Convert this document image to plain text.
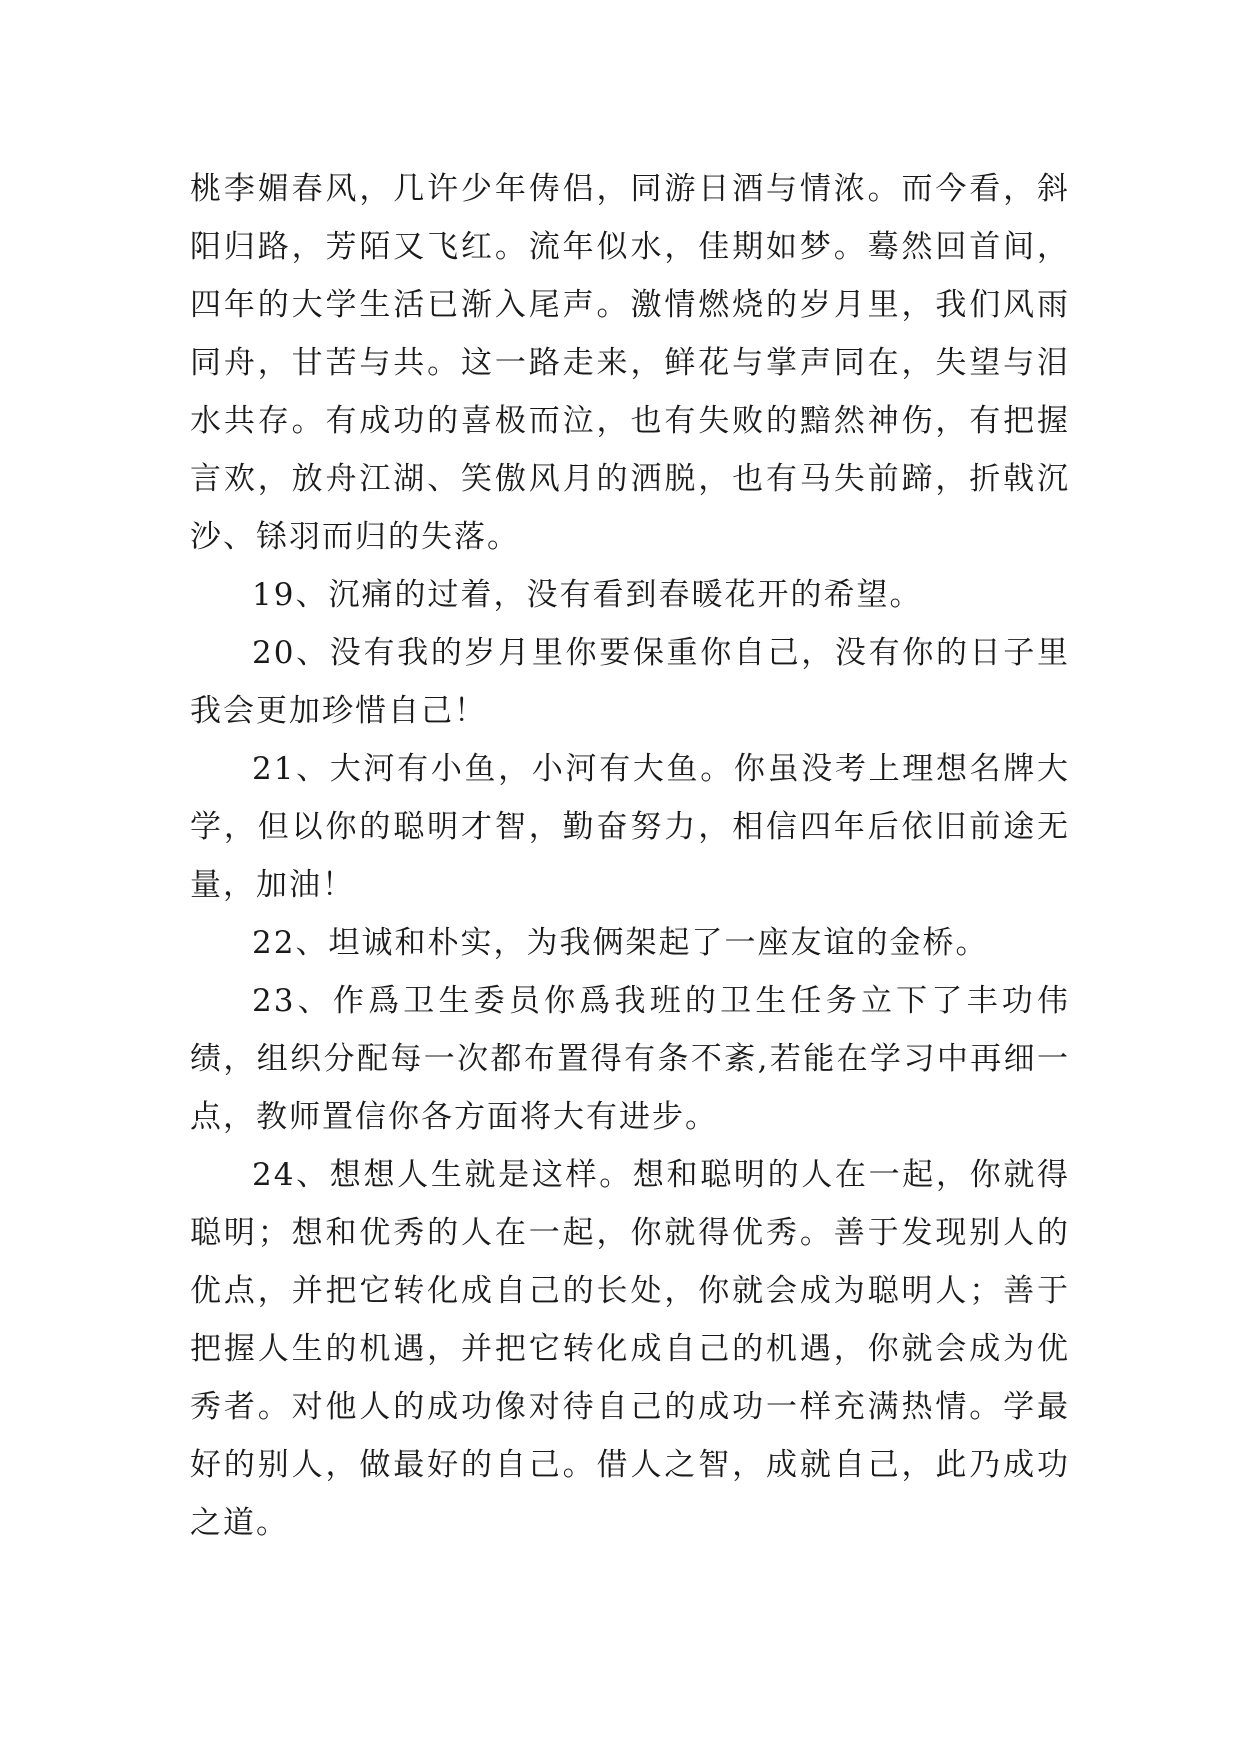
桃李媚春风，几许少年俦侣，同游日酒与情浓。而今看，斜阳归路，芳陌又飞红。流年似水，佳期如梦。蓦然回首间，四年的大学生活已渐入尾声。激情燃烧的岁月里，我们风雨同舟，甘苦与共。这一路走来，鲜花与掌声同在，失望与泪水共存。有成功的喜极而泣，也有失败的黯然神伤，有把握言欢，放舟江湖、笑傲风月的洒脱，也有马失前蹄，折戟沉沙、铩羽而归的失落。

19、沉痛的过着，没有看到春暖花开的希望。

20、没有我的岁月里你要保重你自己，没有你的日子里我会更加珍惜自己！

21、大河有小鱼，小河有大鱼。你虽没考上理想名牌大学，但以你的聪明才智，勤奋努力，相信四年后依旧前途无量，加油！

22、坦诚和朴实，为我俩架起了一座友谊的金桥。

23、作爲卫生委员你爲我班的卫生任务立下了丰功伟绩，组织分配每一次都布置得有条不紊,若能在学习中再细一点，教师置信你各方面将大有进步。

24、想想人生就是这样。想和聪明的人在一起，你就得聪明；想和优秀的人在一起，你就得优秀。善于发现别人的优点，并把它转化成自己的长处，你就会成为聪明人；善于把握人生的机遇，并把它转化成自己的机遇，你就会成为优秀者。对他人的成功像对待自己的成功一样充满热情。学最好的别人，做最好的自己。借人之智，成就自己，此乃成功之道。
